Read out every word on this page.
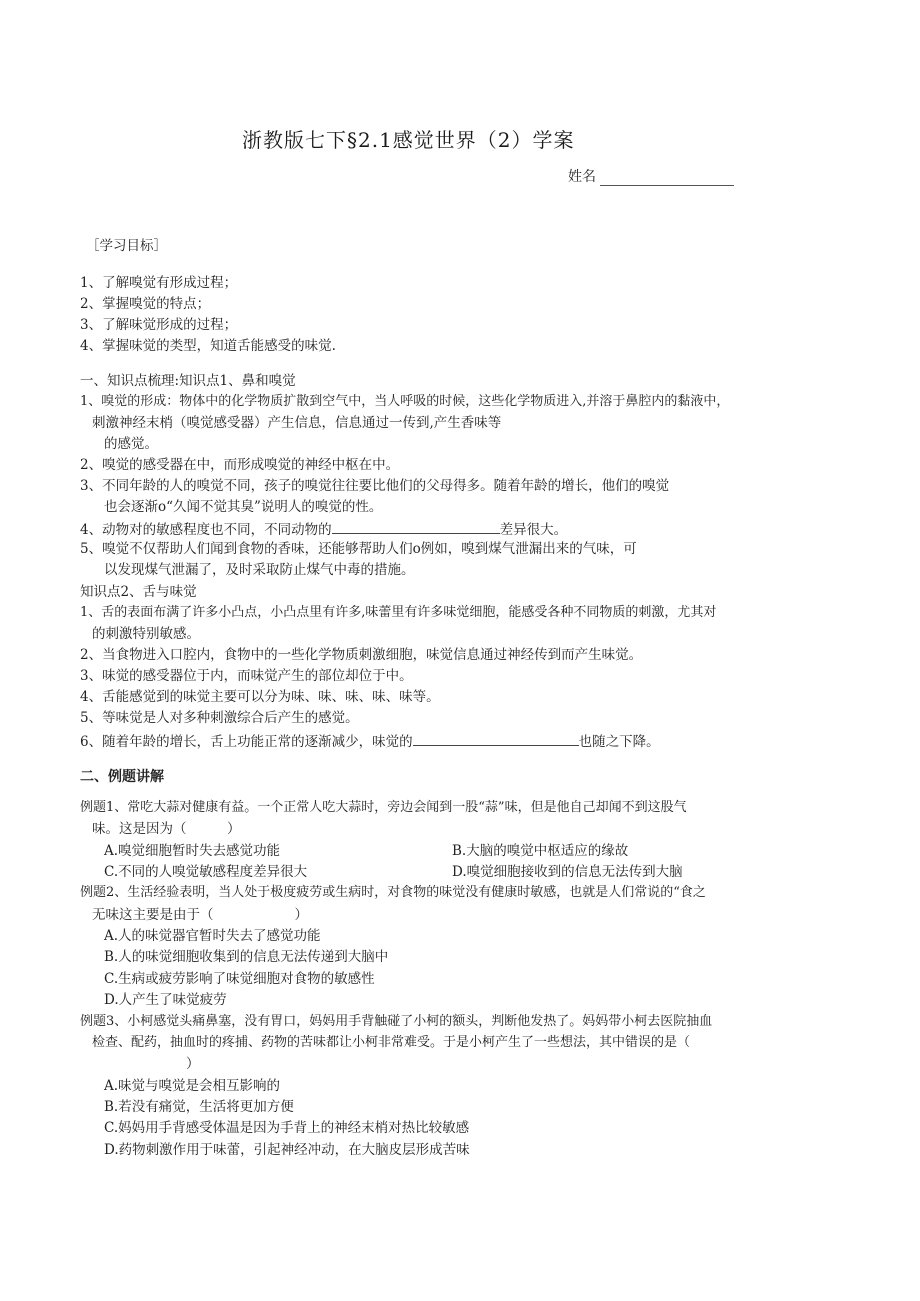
浙教版七下§2.1感觉世界（2）学案
姓名
［学习目标］
1、了解嗅觉有形成过程；
2、掌握嗅觉的特点；
3、了解味觉形成的过程；
4、掌握味觉的类型，知道舌能感受的味觉.
一、知识点梳理:知识点1、鼻和嗅觉
1、嗅觉的形成：物体中的化学物质扩散到空气中，当人呼吸的时候，这些化学物质进入,并溶于鼻腔内的黏液中，
刺激神经末梢（嗅觉感受器）产生信息，信息通过一传到,产生香味等
的感觉。
2、嗅觉的感受器在中，而形成嗅觉的神经中枢在中。
3、不同年龄的人的嗅觉不同，孩子的嗅觉往往要比他们的父母得多。随着年龄的增长，他们的嗅觉
也会逐渐o“久闻不觉其臭”说明人的嗅觉的性。
4、动物对的敏感程度也不同，不同动物的	差异很大。
5、嗅觉不仅帮助人们闻到食物的香味，还能够帮助人们o例如，嗅到煤气泄漏出来的气味，可
以发现煤气泄漏了，及时采取防止煤气中毒的措施。
知识点2、舌与味觉
1、舌的表面布满了许多小凸点，小凸点里有许多,味蕾里有许多味觉细胞，能感受各种不同物质的刺激，尤其对
的刺激特别敏感。
2、当食物进入口腔内，食物中的一些化学物质刺激细胞，味觉信息通过神经传到而产生味觉。
3、味觉的感受器位于内，而味觉产生的部位却位于中。
4、舌能感觉到的味觉主要可以分为味、味、味、味、味等。
5、等味觉是人对多种刺激综合后产生的感觉。
6、随着年龄的增长，舌上功能正常的逐渐减少，味觉的	也随之下降。
二、例题讲解
例题1、常吃大蒜对健康有益。一个正常人吃大蒜时，旁边会闻到一股“蒜”味，但是他自己却闻不到这股气
味。这是因为（　　　）
A.嗅觉细胞暂时失去感觉功能	B.大脑的嗅觉中枢适应的缘故
C.不同的人嗅觉敏感程度差异很大	D.嗅觉细胞接收到的信息无法传到大脑
例题2、生活经验表明，当人处于极度疲劳或生病时，对食物的味觉没有健康时敏感，也就是人们常说的“食之
无味这主要是由于（　　　　　　）
A.人的味觉器官暂时失去了感觉功能
B.人的味觉细胞收集到的信息无法传递到大脑中
C.生病或疲劳影响了味觉细胞对食物的敏感性
D.人产生了味觉疲劳
例题3、小柯感觉头痛鼻塞，没有胃口，妈妈用手背触碰了小柯的额头，判断他发热了。妈妈带小柯去医院抽血
检查、配药，抽血时的疼捕、药物的苦味都让小柯非常难受。于是小柯产生了一些想法，其中错误的是（
）
A.味觉与嗅觉是会相互影响的
B.若没有痛觉，生活将更加方便
C.妈妈用手背感受体温是因为手背上的神经末梢对热比较敏感
D.药物刺激作用于味蕾，引起神经冲动，在大脑皮层形成苦味
